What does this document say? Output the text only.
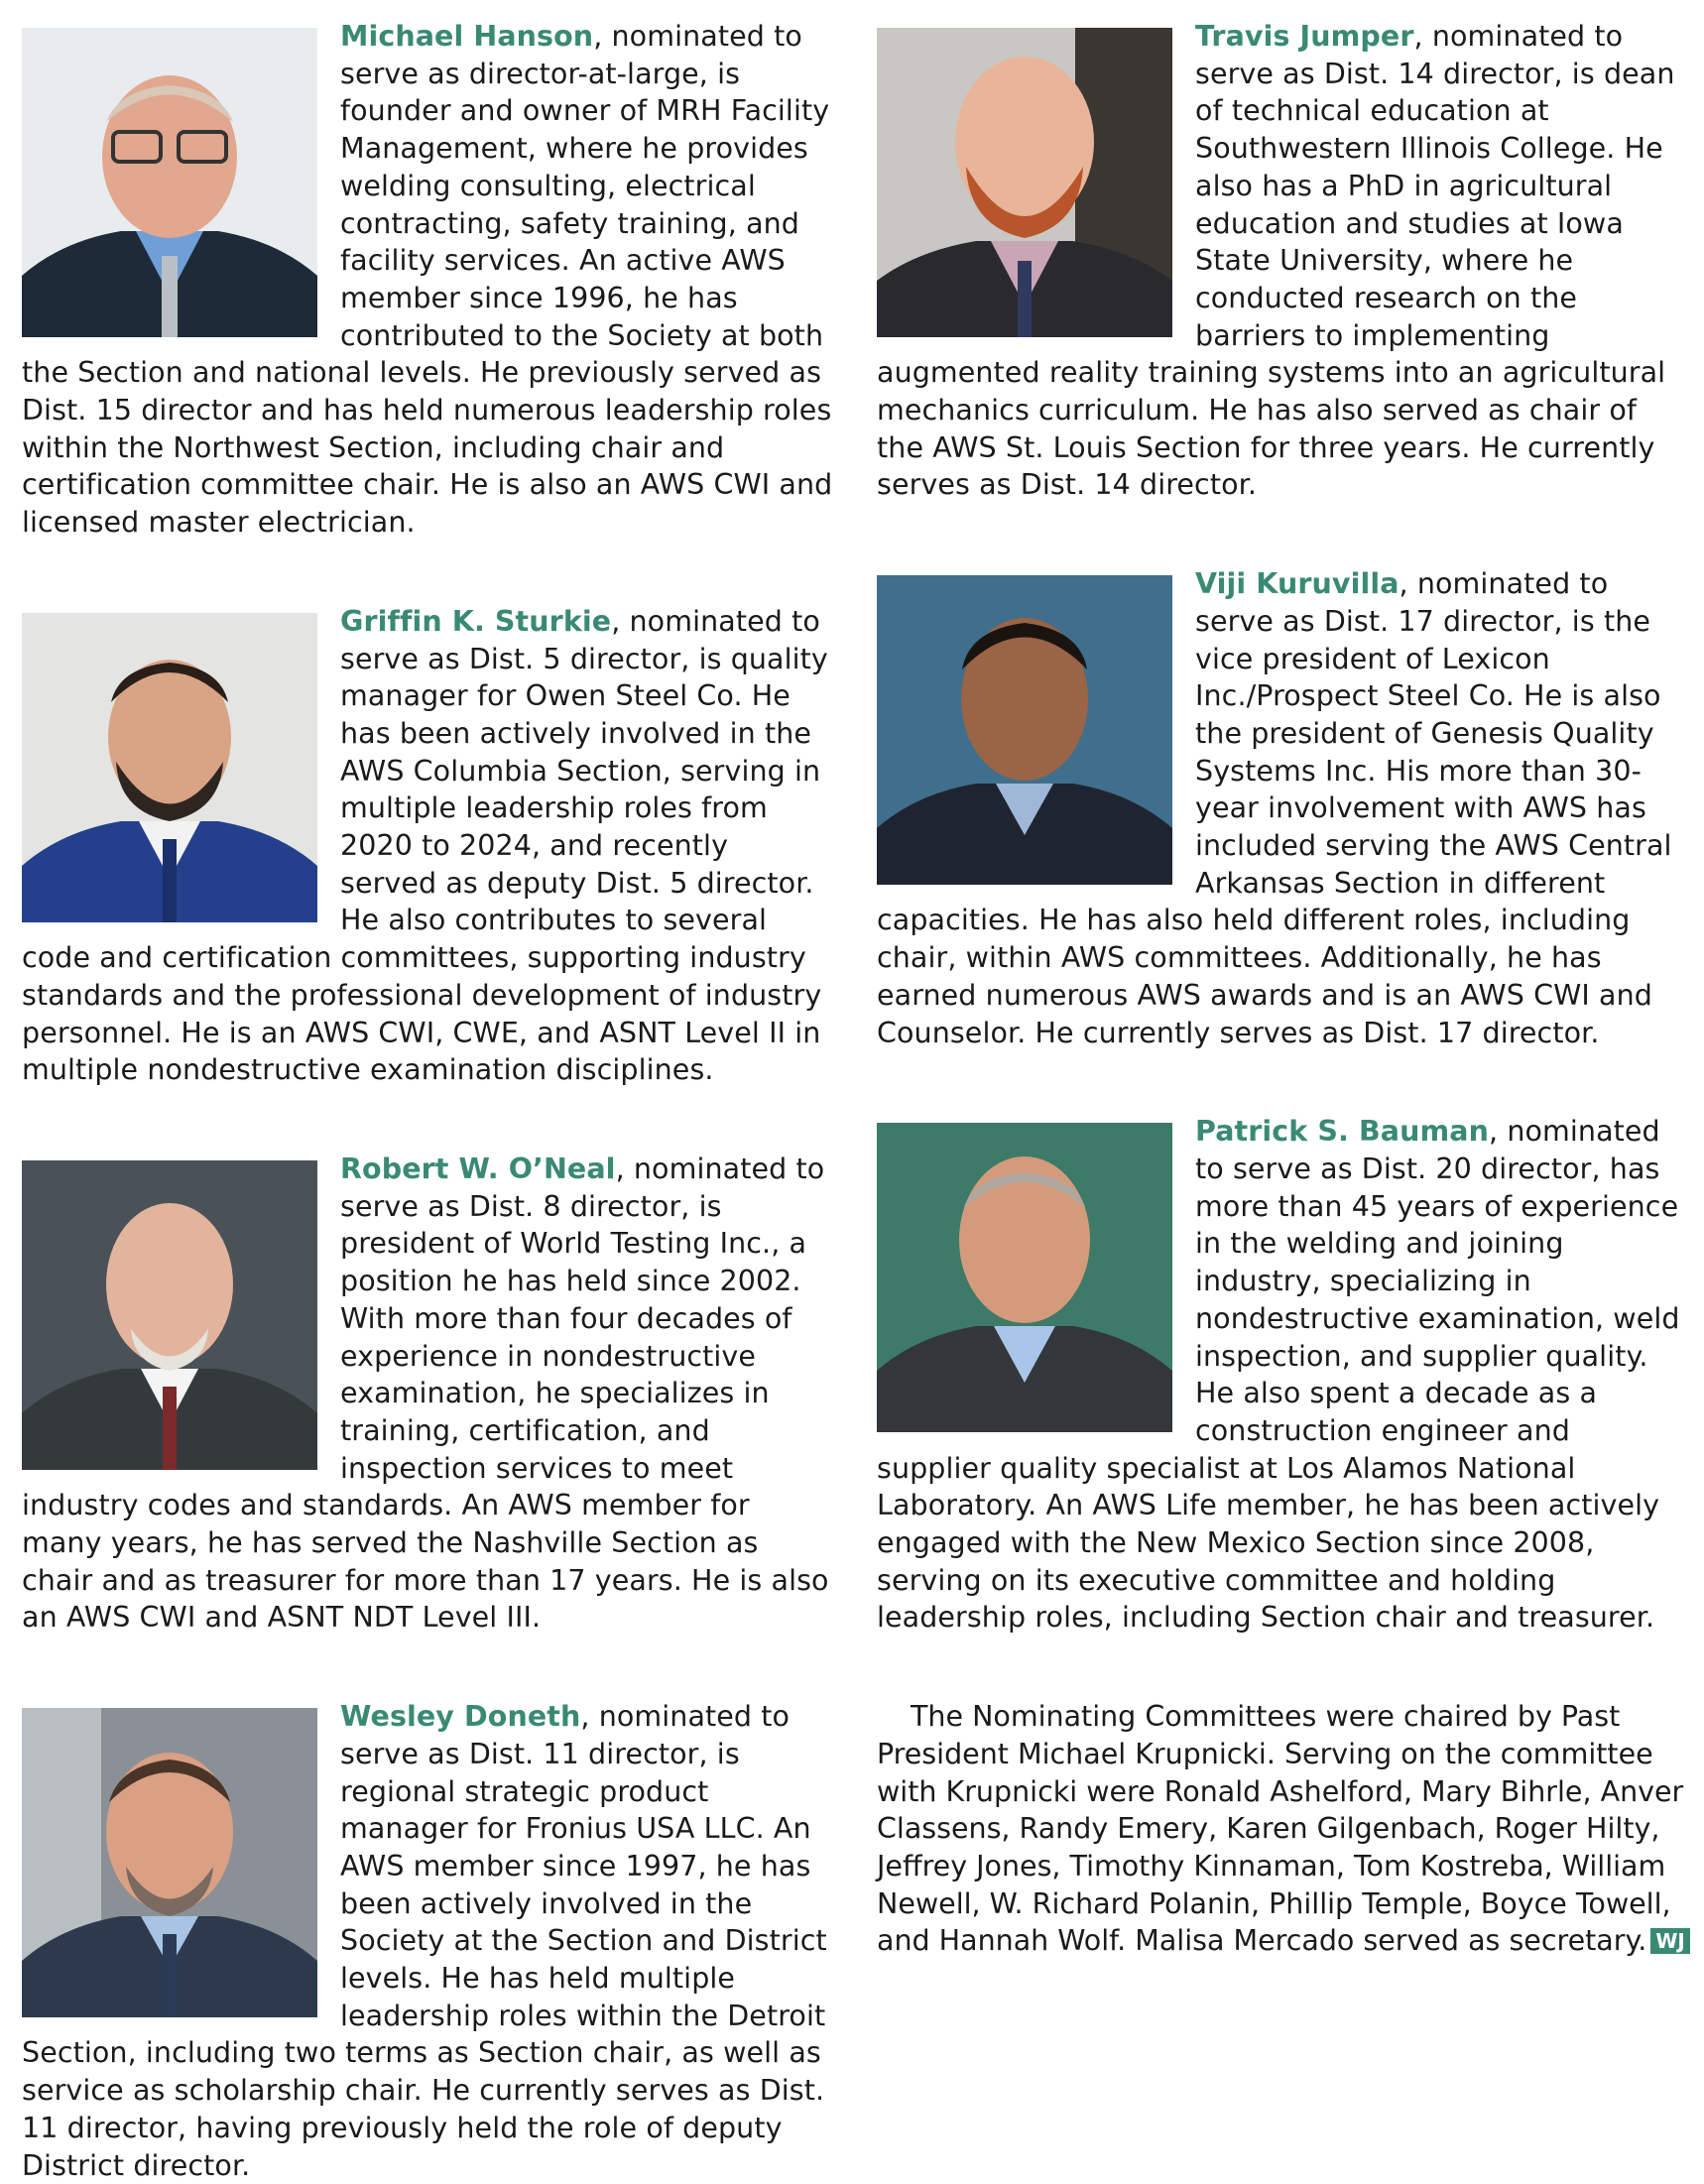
Michael Hanson, nominated to serve as director-at-large, is founder and owner of MRH Facility Management, where he provides welding consulting, electrical contracting, safety training, and facility services. An active AWS member since 1996, he has contributed to the Society at both the Section and national levels. He previously served as Dist. 15 director and has held numerous leadership roles within the Northwest Section, including chair and certification committee chair. He is also an AWS CWI and licensed master electrician.

Griffin K. Sturkie, nominated to serve as Dist. 5 director, is quality manager for Owen Steel Co. He has been actively involved in the AWS Columbia Section, serving in multiple leadership roles from 2020 to 2024, and recently served as deputy Dist. 5 director. He also contributes to several code and certification committees, supporting industry standards and the professional development of industry personnel. He is an AWS CWI, CWE, and ASNT Level II in multiple nondestructive examination disciplines.

Robert W. O’Neal, nominated to serve as Dist. 8 director, is president of World Testing Inc., a position he has held since 2002. With more than four decades of experience in nondestructive examination, he specializes in training, certification, and inspection services to meet industry codes and standards. An AWS member for many years, he has served the Nashville Section as chair and as treasurer for more than 17 years. He is also an AWS CWI and ASNT NDT Level III.

Wesley Doneth, nominated to serve as Dist. 11 director, is regional strategic product manager for Fronius USA LLC. An AWS member since 1997, he has been actively involved in the Society at the Section and District levels. He has held multiple leadership roles within the Detroit Section, including two terms as Section chair, as well as service as scholarship chair. He currently serves as Dist. 11 director, having previously held the role of deputy District director.

Travis Jumper, nominated to serve as Dist. 14 director, is dean of technical education at Southwestern Illinois College. He also has a PhD in agricultural education and studies at Iowa State University, where he conducted research on the barriers to implementing augmented reality training systems into an agricultural mechanics curriculum. He has also served as chair of the AWS St. Louis Section for three years. He currently serves as Dist. 14 director.

Viji Kuruvilla, nominated to serve as Dist. 17 director, is the vice president of Lexicon Inc./Prospect Steel Co. He is also the president of Genesis Quality Systems Inc. His more than 30-year involvement with AWS has included serving the AWS Central Arkansas Section in different capacities. He has also held different roles, including chair, within AWS committees. Additionally, he has earned numerous AWS awards and is an AWS CWI and Counselor. He currently serves as Dist. 17 director.

Patrick S. Bauman, nominated to serve as Dist. 20 director, has more than 45 years of experience in the welding and joining industry, specializing in nondestructive examination, weld inspection, and supplier quality. He also spent a decade as a construction engineer and supplier quality specialist at Los Alamos National Laboratory. An AWS Life member, he has been actively engaged with the New Mexico Section since 2008, serving on its executive committee and holding leadership roles, including Section chair and treasurer.

The Nominating Committees were chaired by Past President Michael Krupnicki. Serving on the committee with Krupnicki were Ronald Ashelford, Mary Bihrle, Anver Classens, Randy Emery, Karen Gilgenbach, Roger Hilty, Jeffrey Jones, Timothy Kinnaman, Tom Kostreba, William Newell, W. Richard Polanin, Phillip Temple, Boyce Towell, and Hannah Wolf. Malisa Mercado served as secretary. WJ
